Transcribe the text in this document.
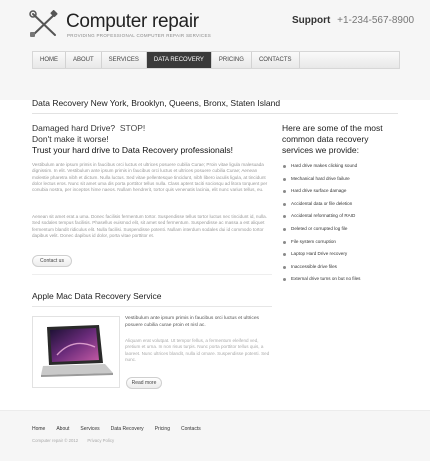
Computer repair
PROVIDING PROFESSIONAL COMPUTER REPAIR SERVICES
Support +1-234-567-8900
HOME	ABOUT	SERVICES	DATA RECOVERY	PRICING	CONTACTS
Data Recovery New York, Brooklyn, Queens, Bronx, Staten Island
Damaged hard Drive? STOP!
Don't make it worse!
Trust your hard drive to Data Recovery professionals!
Vestibulum ante ipsum primis in faucibus orci luctus et ultrices posuere cubilia Curae; Proin vitae ligula malesuada dignissim. In elit. Vestibulum ante ipsum primis in faucibus orci luctus et ultrices posuere cubilia Curae; Aenean molestie pharetra nibh et dictum. Nulla luctus. Sed vitae pellentesque tincidunt, nibh libero iaculis ligula, at tincidunt dolor lectus eros. Nunc sit amet uma dis porta porttitor tellus nulla. Class aptent taciti sociosqu ad litora torquent per conubia nostra, per inceptos hime naeos. Nullam hendrerit, tortor quis venenatis lacinia, elit nunc varius tellus, eu.
Aenean sit amet erat a uma. Donec facilisis fermentum tortor. Suspendisse tellus tortor luctus nec tincidunt id, nulla. Sed sodales tempus facilisis. Phasellus euismod elit, sit amet sed fermentum. Suspendisse ac massa a est aliquet fermentum blandit ridiculus elit. Nulla facilisi. Suspendisse potenti. Nullam interdum sodales dui id commodo tortor dapibus velit. Donec dapibus id dolor, porta vitae porttitor et.
Contact us
Apple Mac Data Recovery Service
Vestibulum ante ipsum primis in faucibus orci luctus et ultrices posuere cubilia curae proin et nisl ac.
Aliquam erat volutpat. Ut tempor fellus, a fermentum eleifend ved, pretium et urna. In non risus turpis. Nunc porta porttitor tellus quis, a laoreet. Nunc ultrices blandit, nulla id ornare. Suspendisse potenti. Sed nunc.
Read more
Here are some of the most common data recovery services we provide:
Hard drive makes clicking sound
Mechanical hard drive failure
Hard drive surface damage
Accidental data or file deletion
Accidental reformatting of RAID
Deleted or corrupted log file
File system corruption
Laptop Hard Drive recovery
Inaccessible drive files
External drive turns on but no files
Home About Services Data Recovery Pricing Contacts
Computer repair © 2012 Privacy Policy
